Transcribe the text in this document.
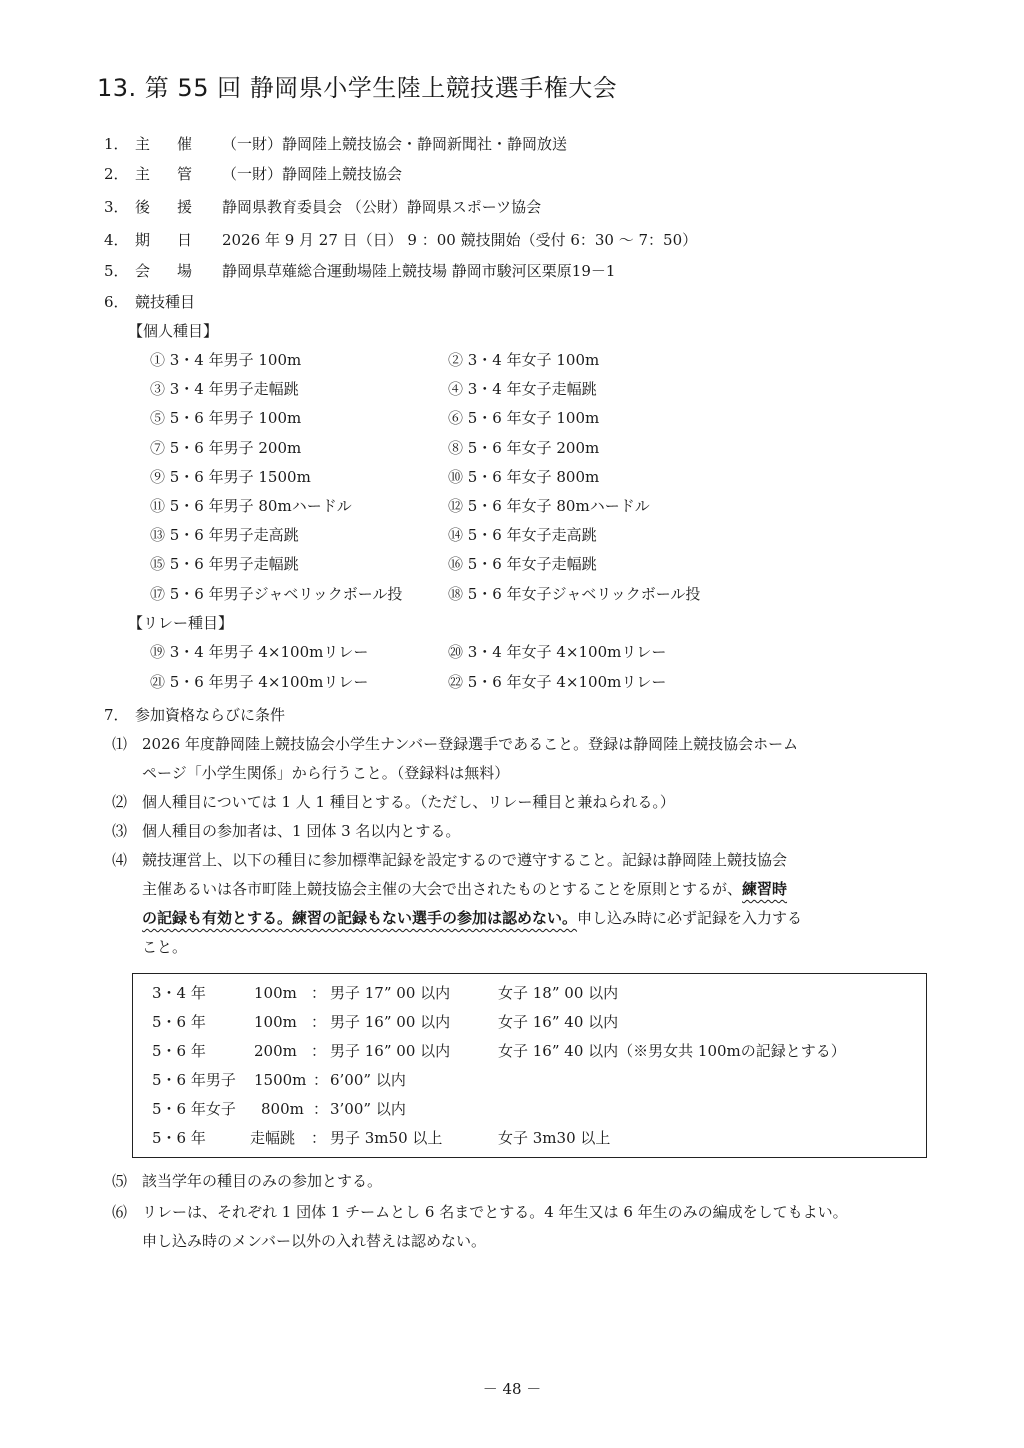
13. 第 55 回 静岡県小学生陸上競技選手権大会
1． 主催 （一財）静岡陸上競技協会・静岡新聞社・静岡放送
2． 主管 （一財）静岡陸上競技協会
3． 後援 静岡県教育委員会 （公財）静岡県スポーツ協会
4． 期日 2026 年 9 月 27 日（日） 9 ：00 競技開始（受付 6：30 〜 7：50）
5． 会場 静岡県草薙総合運動場陸上競技場 静岡市駿河区栗原19－1
6． 競技種目
【個人種目】
① 3・4 年男子 100m	② 3・4 年女子 100m
③ 3・4 年男子走幅跳	④ 3・4 年女子走幅跳
⑤ 5・6 年男子 100m	⑥ 5・6 年女子 100m
⑦ 5・6 年男子 200m	⑧ 5・6 年女子 200m
⑨ 5・6 年男子 1500m	⑩ 5・6 年女子 800m
⑪ 5・6 年男子 80mハードル	⑫ 5・6 年女子 80mハードル
⑬ 5・6 年男子走高跳	⑭ 5・6 年女子走高跳
⑮ 5・6 年男子走幅跳	⑯ 5・6 年女子走幅跳
⑰ 5・6 年男子ジャベリックボール投	⑱ 5・6 年女子ジャベリックボール投
【リレー種目】
⑲ 3・4 年男子 4×100mリレー	⑳ 3・4 年女子 4×100mリレー
㉑ 5・6 年男子 4×100mリレー	㉒ 5・6 年女子 4×100mリレー
7． 参加資格ならびに条件
⑴ 2026 年度静岡陸上競技協会小学生ナンバー登録選手であること。登録は静岡陸上競技協会ホーム
ページ「小学生関係」から行うこと。（登録料は無料）
⑵ 個人種目については 1 人 1 種目とする。（ただし、リレー種目と兼ねられる。）
⑶ 個人種目の参加者は、1 団体 3 名以内とする。
⑷ 競技運営上、以下の種目に参加標準記録を設定するので遵守すること。記録は静岡陸上競技協会
主催あるいは各市町陸上競技協会主催の大会で出されたものとすることを原則とするが、練習時
の記録も有効とする。練習の記録もない選手の参加は認めない。申し込み時に必ず記録を入力する
こと。
3・4 年	100m ： 男子 17” 00 以内	女子 18” 00 以内
5・6 年	100m ： 男子 16” 00 以内	女子 16” 40 以内
5・6 年	200m ： 男子 16” 00 以内	女子 16” 40 以内（※男女共 100mの記録とする）
5・6 年男子 1500m ： 6’00” 以内
5・6 年女子 800m ： 3’00” 以内
5・6 年	走幅跳 ： 男子 3m50 以上	女子 3m30 以上
⑸ 該当学年の種目のみの参加とする。
⑹ リレーは、それぞれ 1 団体 1 チームとし 6 名までとする。4 年生又は 6 年生のみの編成をしてもよい。
申し込み時のメンバー以外の入れ替えは認めない。
－ 48 －
